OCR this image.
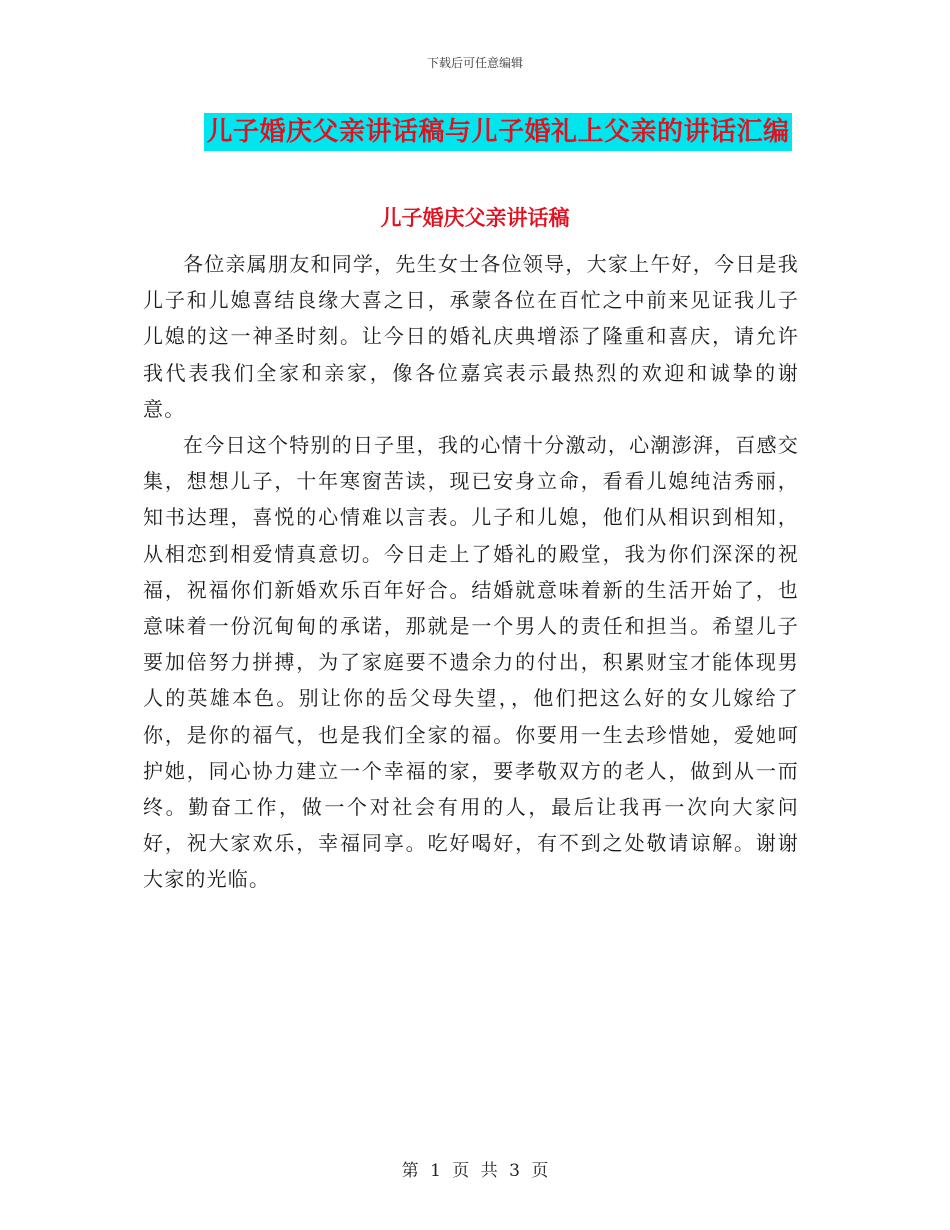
下载后可任意编辑
儿子婚庆父亲讲话稿与儿子婚礼上父亲的讲话汇编
儿子婚庆父亲讲话稿

各位亲属朋友和同学，先生女士各位领导，大家上午好，今日是我儿子和儿媳喜结良缘大喜之日，承蒙各位在百忙之中前来见证我儿子儿媳的这一神圣时刻。让今日的婚礼庆典增添了隆重和喜庆，请允许我代表我们全家和亲家，像各位嘉宾表示最热烈的欢迎和诚挚的谢意。

在今日这个特别的日子里，我的心情十分激动，心潮澎湃，百感交集，想想儿子，十年寒窗苦读，现已安身立命，看看儿媳纯洁秀丽，知书达理，喜悦的心情难以言表。儿子和儿媳，他们从相识到相知，从相恋到相爱情真意切。今日走上了婚礼的殿堂，我为你们深深的祝福，祝福你们新婚欢乐百年好合。结婚就意味着新的生活开始了，也意味着一份沉甸甸的承诺，那就是一个男人的责任和担当。希望儿子要加倍努力拼搏，为了家庭要不遗余力的付出，积累财宝才能体现男人的英雄本色。别让你的岳父母失望，，他们把这么好的女儿嫁给了你，是你的福气，也是我们全家的福。你要用一生去珍惜她，爱她呵护她，同心协力建立一个幸福的家，要孝敬双方的老人，做到从一而终。勤奋工作，做一个对社会有用的人，最后让我再一次向大家问好，祝大家欢乐，幸福同享。吃好喝好，有不到之处敬请谅解。谢谢大家的光临。

第 1 页 共 3 页
